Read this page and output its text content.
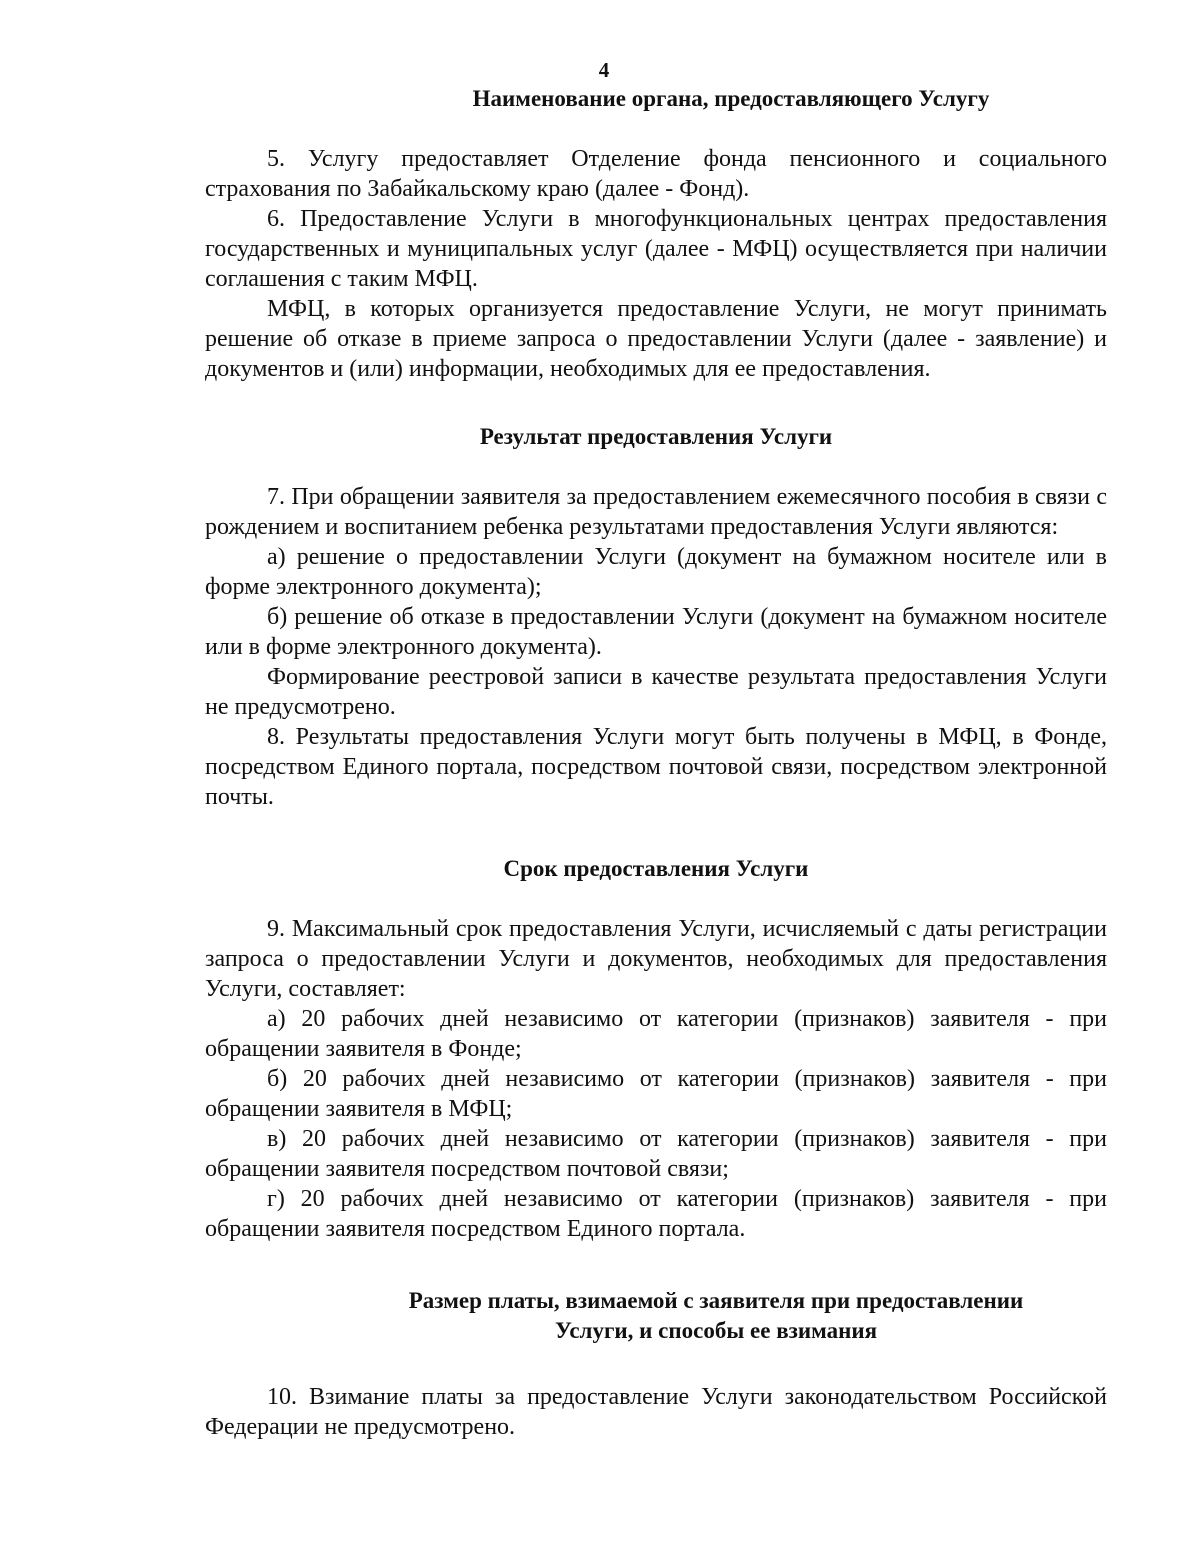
4
Наименование органа, предоставляющего Услугу

5. Услугу предоставляет Отделение фонда пенсионного и социального страхования по Забайкальскому краю (далее - Фонд).

6. Предоставление Услуги в многофункциональных центрах предоставления государственных и муниципальных услуг (далее - МФЦ) осуществляется при наличии соглашения с таким МФЦ.

МФЦ, в которых организуется предоставление Услуги, не могут принимать решение об отказе в приеме запроса о предоставлении Услуги (далее - заявление) и документов и (или) информации, необходимых для ее предоставления.

Результат предоставления Услуги

7. При обращении заявителя за предоставлением ежемесячного пособия в связи с рождением и воспитанием ребенка результатами предоставления Услуги являются:

а) решение о предоставлении Услуги (документ на бумажном носителе или в форме электронного документа);

б) решение об отказе в предоставлении Услуги (документ на бумажном носителе или в форме электронного документа).

Формирование реестровой записи в качестве результата предоставления Услуги не предусмотрено.

8. Результаты предоставления Услуги могут быть получены в МФЦ, в Фонде, посредством Единого портала, посредством почтовой связи, посредством электронной почты.

Срок предоставления Услуги

9. Максимальный срок предоставления Услуги, исчисляемый с даты регистрации запроса о предоставлении Услуги и документов, необходимых для предоставления Услуги, составляет:

а) 20 рабочих дней независимо от категории (признаков) заявителя - при обращении заявителя в Фонде;

б) 20 рабочих дней независимо от категории (признаков) заявителя - при обращении заявителя в МФЦ;

в) 20 рабочих дней независимо от категории (признаков) заявителя - при обращении заявителя посредством почтовой связи;

г) 20 рабочих дней независимо от категории (признаков) заявителя - при обращении заявителя посредством Единого портала.

Размер платы, взимаемой с заявителя при предоставлении
Услуги, и способы ее взимания

10. Взимание платы за предоставление Услуги законодательством Российской Федерации не предусмотрено.
